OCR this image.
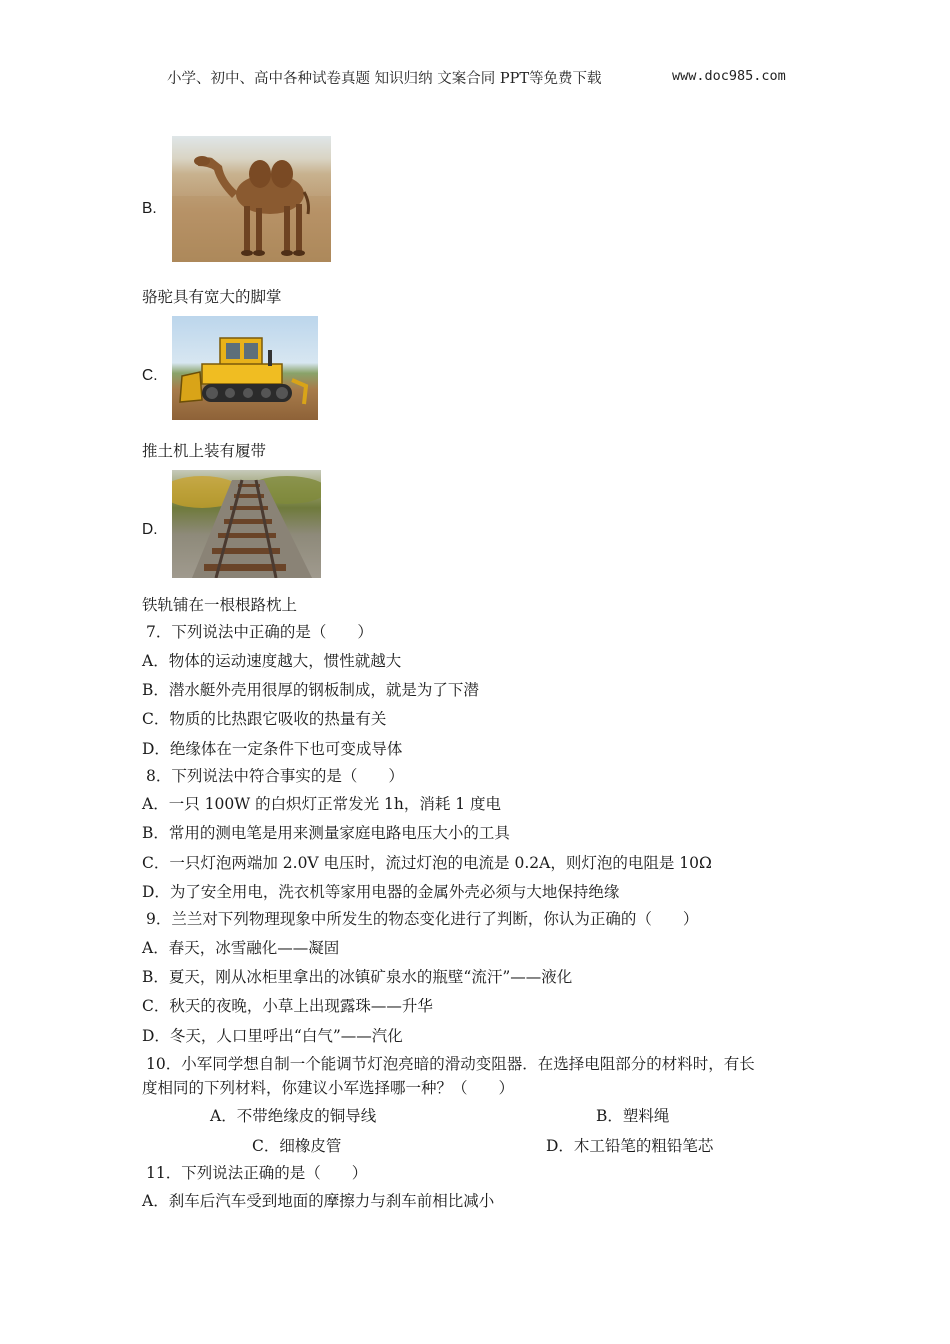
小学、初中、高中各种试卷真题 知识归纳 文案合同 PPT等免费下载	www.doc985.com
B.
骆驼具有宽大的脚掌
C.
推土机上装有履带
D.
铁轨铺在一根根路枕上
7．下列说法中正确的是（　　）
A．物体的运动速度越大，惯性就越大
B．潜水艇外壳用很厚的钢板制成，就是为了下潜
C．物质的比热跟它吸收的热量有关
D．绝缘体在一定条件下也可变成导体
8．下列说法中符合事实的是（　　）
A．一只 100W 的白炽灯正常发光 1h，消耗 1 度电
B．常用的测电笔是用来测量家庭电路电压大小的工具
C．一只灯泡两端加 2.0V 电压时，流过灯泡的电流是 0.2A，则灯泡的电阻是 10Ω
D．为了安全用电，洗衣机等家用电器的金属外壳必须与大地保持绝缘
9．兰兰对下列物理现象中所发生的物态变化进行了判断，你认为正确的（　　）
A．春天，冰雪融化——凝固
B．夏天，刚从冰柜里拿出的冰镇矿泉水的瓶壁“流汗”——液化
C．秋天的夜晚，小草上出现露珠——升华
D．冬天，人口里呼出“白气”——汽化
10．小军同学想自制一个能调节灯泡亮暗的滑动变阻器．在选择电阻部分的材料时，有长
度相同的下列材料，你建议小军选择哪一种？（　　）
A．不带绝缘皮的铜导线	B．塑料绳
C．细橡皮管	D．木工铅笔的粗铅笔芯
11．下列说法正确的是（　　）
A．刹车后汽车受到地面的摩擦力与刹车前相比减小
